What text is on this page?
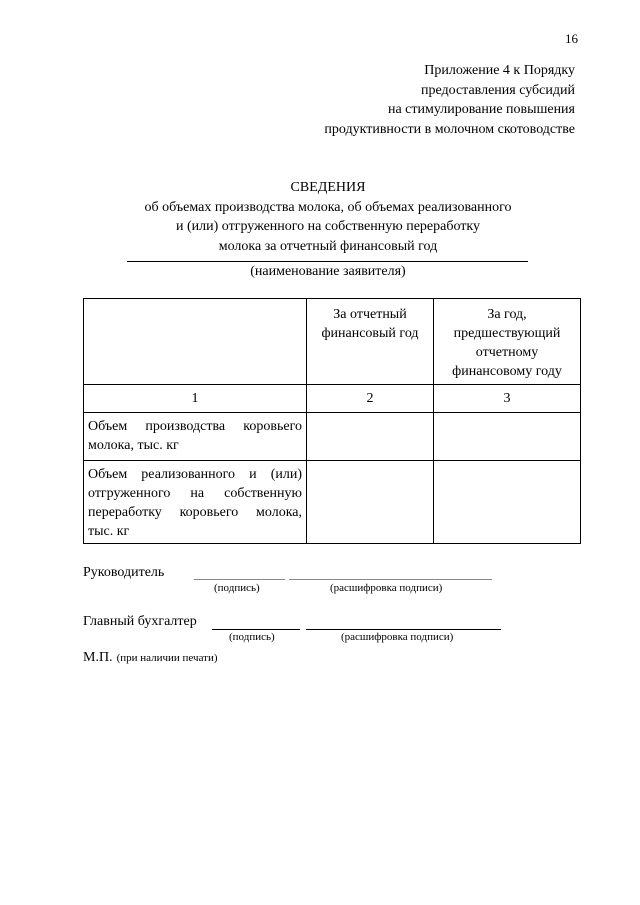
16
Приложение 4 к Порядку
предоставления субсидий
на стимулирование повышения
продуктивности в молочном скотоводстве
СВЕДЕНИЯ
об объемах производства молока, об объемах реализованного
и (или) отгруженного на собственную переработку
молока за отчетный финансовый год
(наименование заявителя)
	За отчетный финансовый год	За год, предшествующий отчетному финансовому году
1	2	3
Объем производства коровьего молока, тыс. кг		
Объем реализованного и (или) отгруженного на собственную переработку коровьего молока, тыс. кг		
Руководитель
(подпись)	(расшифровка подписи)
Главный бухгалтер
(подпись)	(расшифровка подписи)
М.П. (при наличии печати)
